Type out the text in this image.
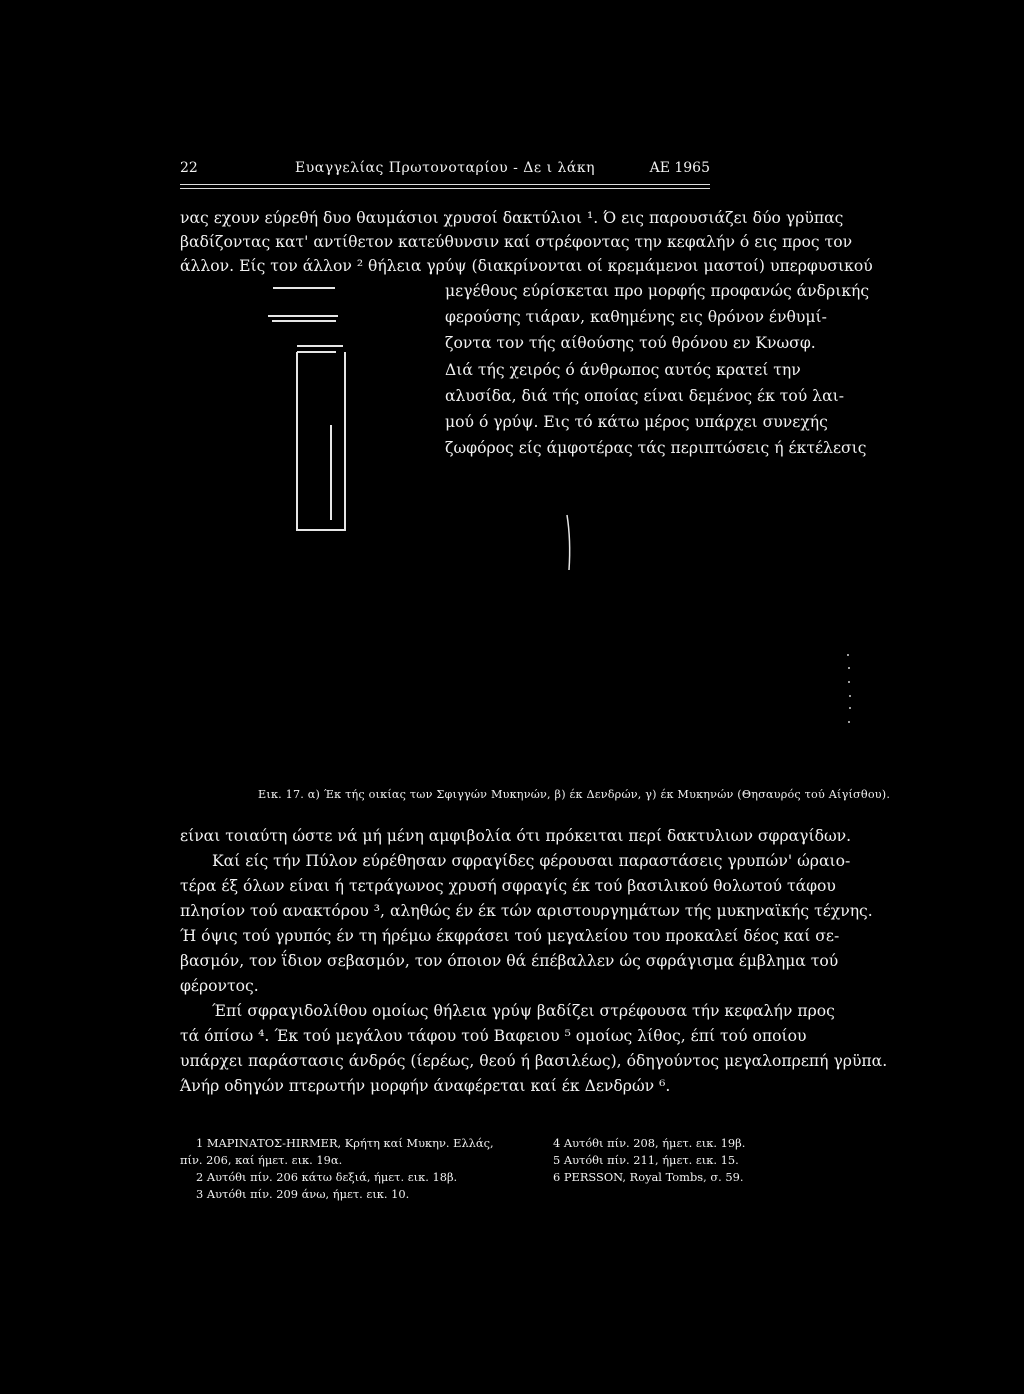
22	Ευαγγελίας Πρωτονοταρίου - Δε ι λάκη	ΑΕ 1965
νας εχουν εύρεθή δυο θαυμάσιοι χρυσοί δακτύλιοι ¹. Ό εις παρουσιάζει δύο γρϋπας
βαδίζοντας κατ' αντίθετον κατεύθυνσιν καί στρέφοντας την κεφαλήν ό εις προς τον
άλλον. Είς τον άλλον ² θήλεια γρύψ (διακρίνονται οί κρεμάμενοι μαστοί) υπερφυσικού
μεγέθους εύρίσκεται προ μορφής προφανώς άνδρικής
φερούσης τιάραν, καθημένης εις θρόνον ένθυμί-
ζοντα τον τής αίθούσης τού θρόνου εν Κνωσφ.
Διά τής χειρός ό άνθρωπος αυτός κρατεί την
αλυσίδα, διά τής οποίας είναι δεμένος έκ τού λαι-
μού ό γρύψ. Εις τό κάτω μέρος υπάρχει συνεχής
ζωφόρος είς άμφοτέρας τάς περιπτώσεις ή έκτέλεσις
Εικ. 17. α) Έκ τής οικίας των Σφιγγών Μυκηνών, β) έκ Δενδρών, γ) έκ Μυκηνών (Θησαυρός τού Αίγίσθου).
είναι τοιαύτη ώστε νά μή μένη αμφιβολία ότι πρόκειται περί δακτυλιων σφραγίδων.
Καί είς τήν Πύλον εύρέθησαν σφραγίδες φέρουσαι παραστάσεις γρυπών' ώραιο-
τέρα έξ όλων είναι ή τετράγωνος χρυσή σφραγίς έκ τού βασιλικού θολωτού τάφου
πλησίον τού ανακτόρου ³, αληθώς έν έκ τών αριστουργημάτων τής μυκηναϊκής τέχνης.
Ή όψις τού γρυπός έν τη ήρέμω έκφράσει τού μεγαλείου του προκαλεί δέος καί σε-
βασμόν, τον ΐδιον σεβασμόν, τον όποιον θά έπέβαλλεν ώς σφράγισμα έμβλημα τού
φέροντος.
Έπί σφραγιδολίθου ομοίως θήλεια γρύψ βαδίζει στρέφουσα τήν κεφαλήν προς
τά όπίσω ⁴. Έκ τού μεγάλου τάφου τού Βαφειου ⁵ ομοίως λίθος, έπί τού οποίου
υπάρχει παράστασις άνδρός (ίερέως, θεού ή βασιλέως), όδηγούντος μεγαλοπρεπή γρϋπα.
Άνήρ οδηγών πτερωτήν μορφήν άναφέρεται καί έκ Δενδρών ⁶.
1 ΜΑΡΙΝΑΤΟΣ-HIRMER, Κρήτη καί Μυκην. Ελλάς,
πίν. 206, καί ήμετ. εικ. 19α.
2 Αυτόθι πίν. 206 κάτω δεξιά, ήμετ. εικ. 18β.
3 Αυτόθι πίν. 209 άνω, ήμετ. εικ. 10.
4 Αυτόθι πίν. 208, ήμετ. εικ. 19β.
5 Αυτόθι πίν. 211, ήμετ. εικ. 15.
6 PERSSON, Royal Tombs, σ. 59.
